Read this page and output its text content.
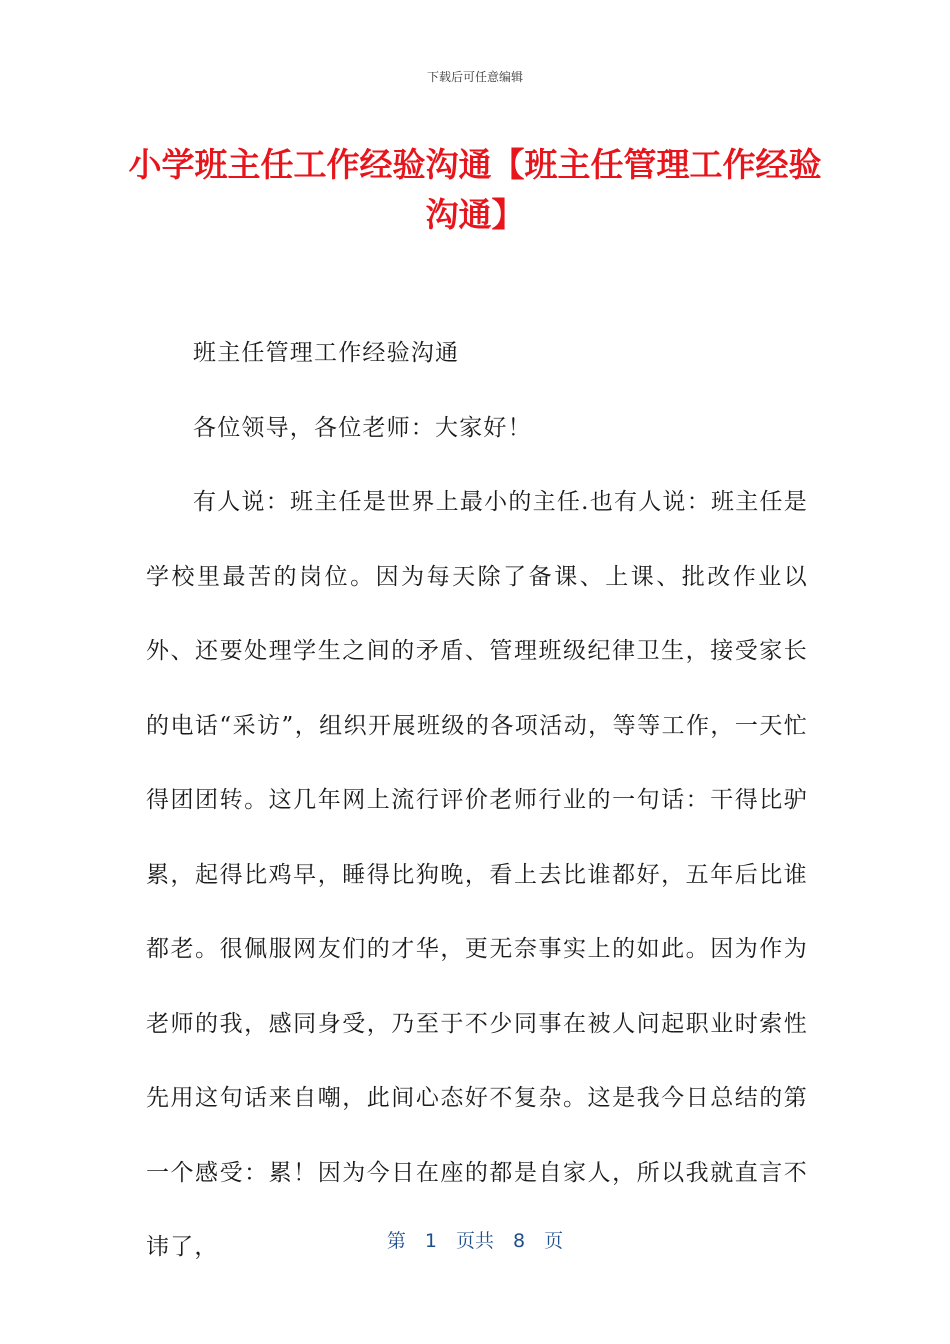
下载后可任意编辑
小学班主任工作经验沟通【班主任管理工作经验沟通】

班主任管理工作经验沟通

各位领导，各位老师：大家好！

有人说：班主任是世界上最小的主任.也有人说：班主任是学校里最苦的岗位。因为每天除了备课、上课、批改作业以外、还要处理学生之间的矛盾、管理班级纪律卫生，接受家长的电话“采访”，组织开展班级的各项活动，等等工作，一天忙得团团转。这几年网上流行评价老师行业的一句话：干得比驴累，起得比鸡早，睡得比狗晚，看上去比谁都好，五年后比谁都老。很佩服网友们的才华，更无奈事实上的如此。因为作为老师的我，感同身受，乃至于不少同事在被人问起职业时索性先用这句话来自嘲，此间心态好不复杂。这是我今日总结的第一个感受：累！因为今日在座的都是自家人，所以我就直言不讳了，	第　1　页共　8　页
